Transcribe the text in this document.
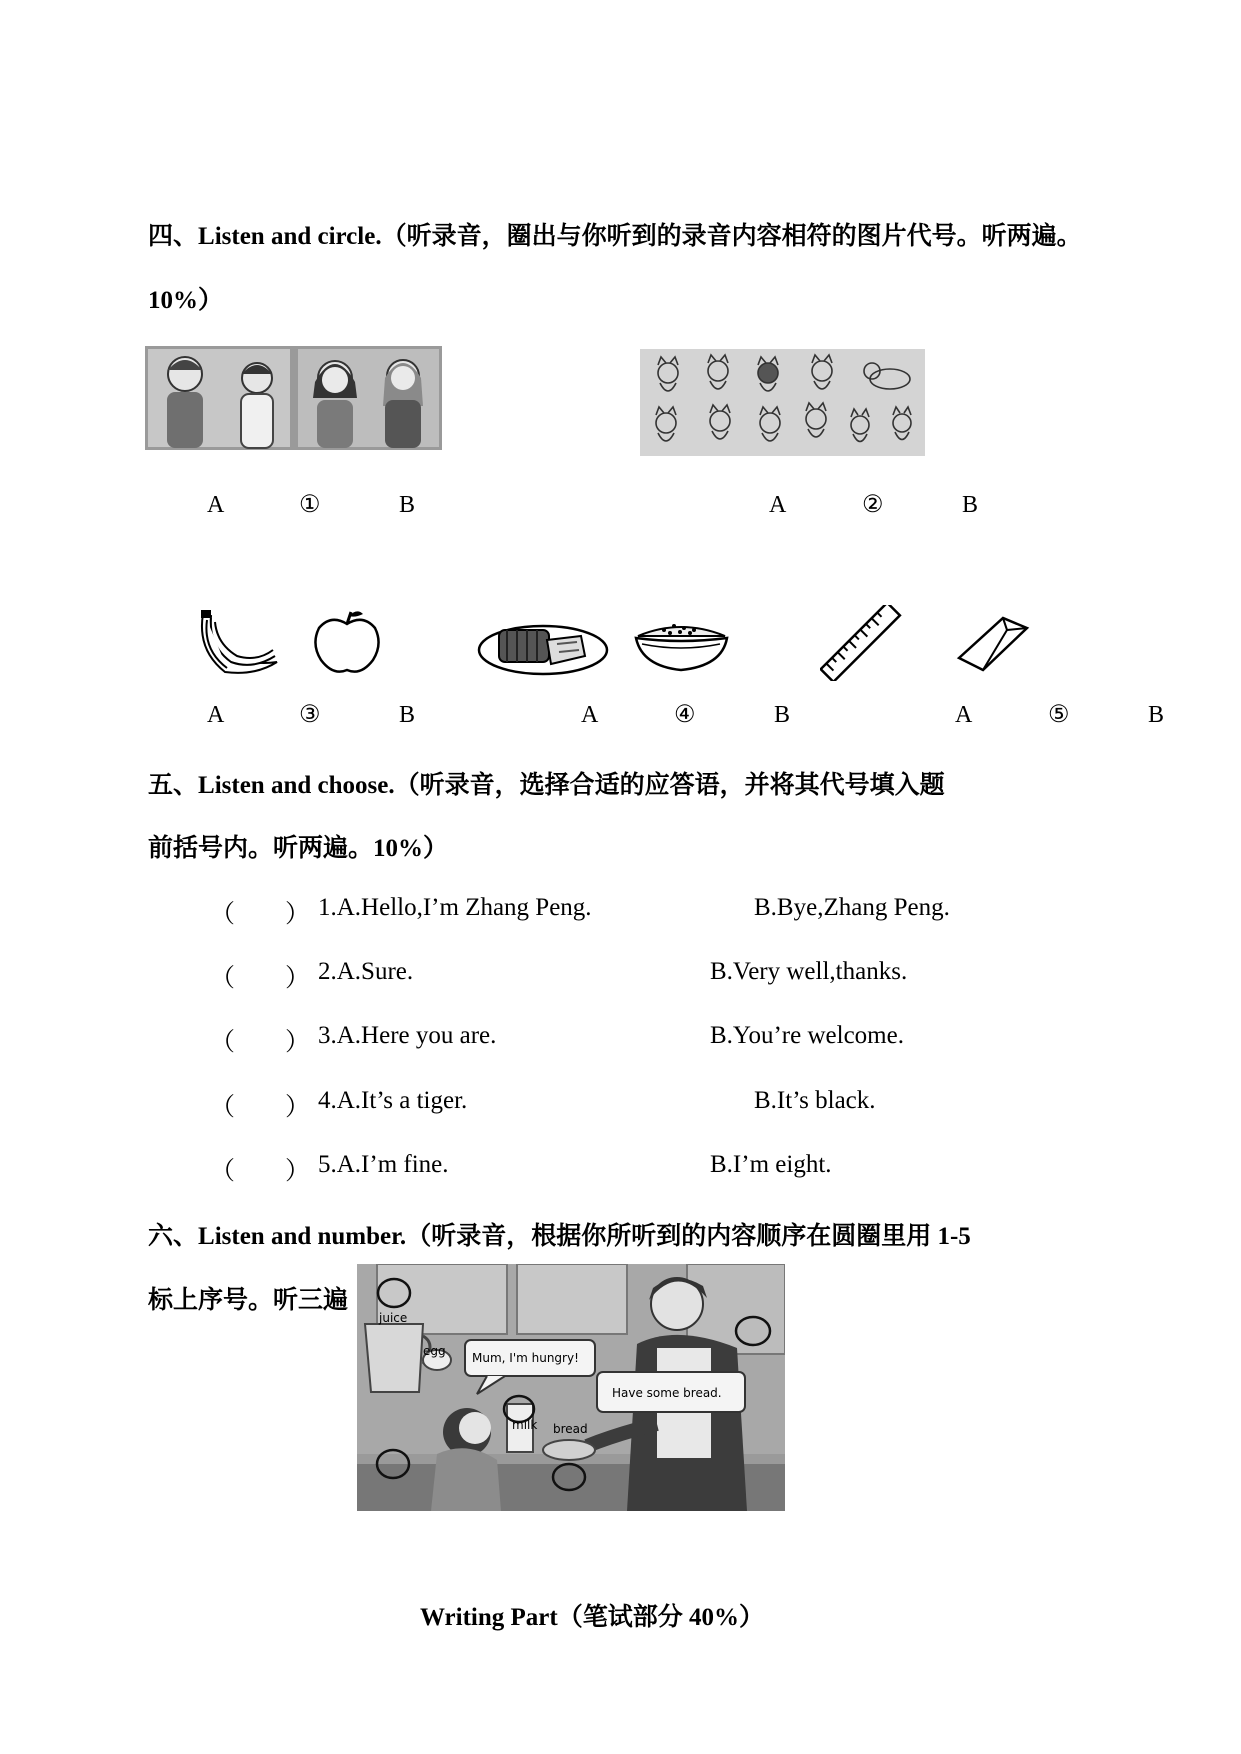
四、Listen and circle.（听录音，圈出与你听到的录音内容相符的图片代号。听两遍。
10%）
A	①	B	A	②	B
A	③	B	A	④	B	A	⑤	B
五、Listen and choose.（听录音，选择合适的应答语，并将其代号填入题
前括号内。听两遍。10%）
（　　） 1.A.Hello,I’m Zhang Peng.	B.Bye,Zhang Peng.
（　　） 2.A.Sure.	B.Very well,thanks.
（　　） 3.A.Here you are.	B.You’re welcome.
（　　） 4.A.It’s a tiger.	B.It’s black.
（　　） 5.A.I’m fine.	B.I’m eight.
六、Listen and number.（听录音，根据你所听到的内容顺序在圆圈里用 1-5
标上序号。听三遍
juice
egg Mum, I'm hungry!
Have some bread.
milk bread
Writing Part（笔试部分 40%）
